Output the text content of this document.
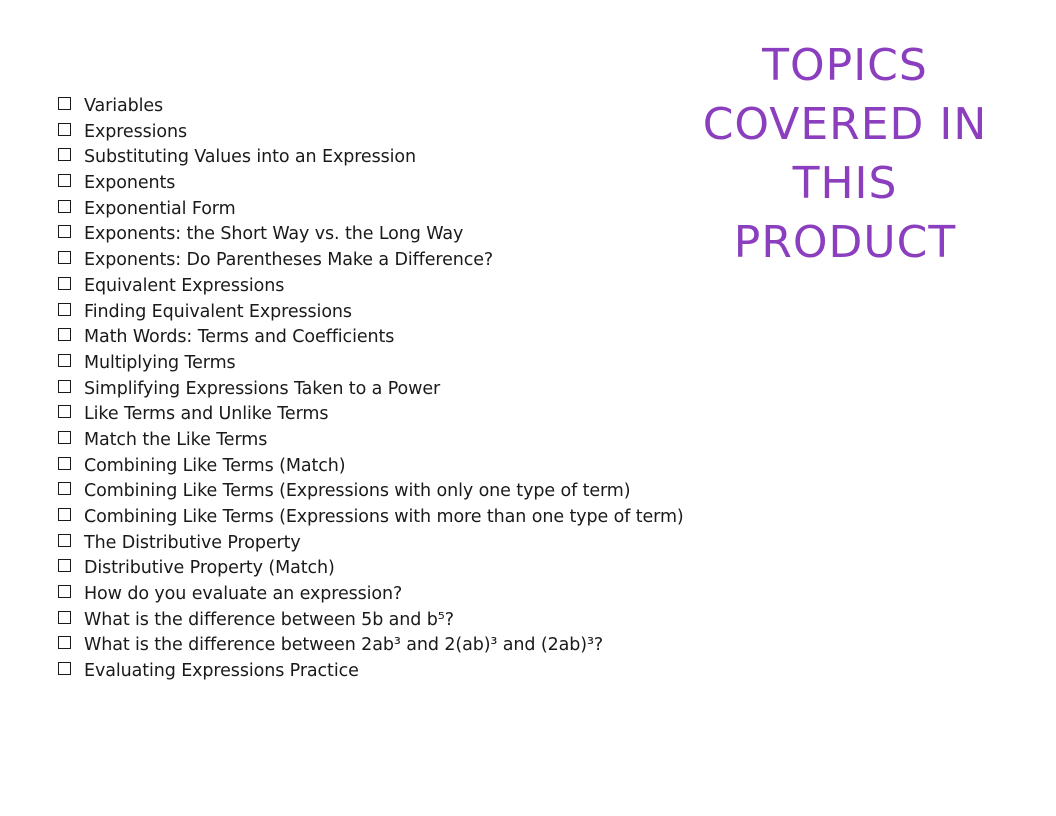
TOPICS
COVERED IN
THIS
PRODUCT
Variables
Expressions
Substituting Values into an Expression
Exponents
Exponential Form
Exponents: the Short Way vs. the Long Way
Exponents: Do Parentheses Make a Difference?
Equivalent Expressions
Finding Equivalent Expressions
Math Words: Terms and Coefficients
Multiplying Terms
Simplifying Expressions Taken to a Power
Like Terms and Unlike Terms
Match the Like Terms
Combining Like Terms (Match)
Combining Like Terms (Expressions with only one type of term)
Combining Like Terms (Expressions with more than one type of term)
The Distributive Property
Distributive Property (Match)
How do you evaluate an expression?
What is the difference between 5b and b⁵?
What is the difference between 2ab³ and 2(ab)³ and (2ab)³?
Evaluating Expressions Practice
